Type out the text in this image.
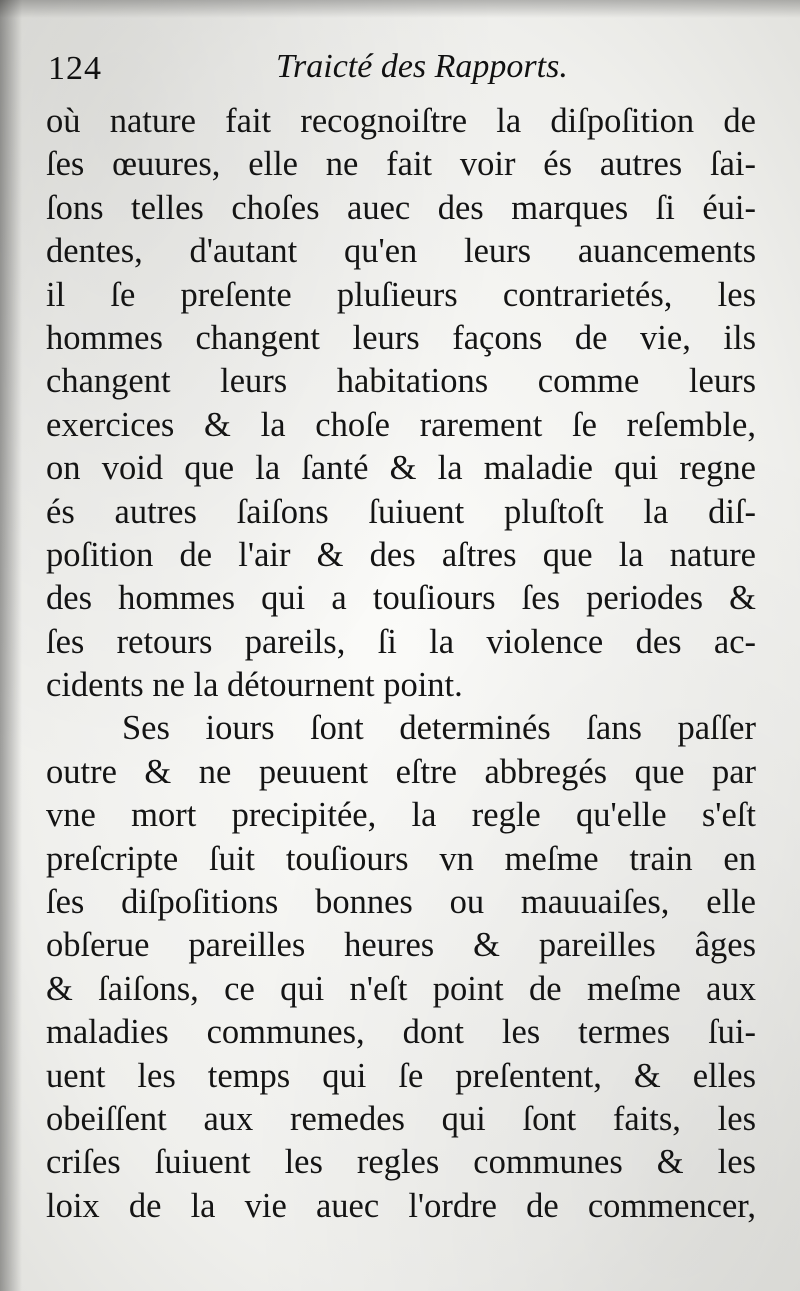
124	Traicté des Rapports.
où nature fait recognoiſtre la diſpoſition de
ſes œuures, elle ne fait voir és autres ſai-
ſons telles choſes auec des marques ſi éui-
dentes, d'autant qu'en leurs auancements
il ſe preſente pluſieurs contrarietés, les
hommes changent leurs façons de vie, ils
changent leurs habitations comme leurs
exercices & la choſe rarement ſe reſemble,
on void que la ſanté & la maladie qui regne
és autres ſaiſons ſuiuent pluſtoſt la diſ-
poſition de l'air & des aſtres que la nature
des hommes qui a touſiours ſes periodes &
ſes retours pareils, ſi la violence des ac-
cidents ne la détournent point.
Ses iours ſont determinés ſans paſſer
outre & ne peuuent eſtre abbregés que par
vne mort precipitée, la regle qu'elle s'eſt
preſcripte ſuit touſiours vn meſme train en
ſes diſpoſitions bonnes ou mauuaiſes, elle
obſerue pareilles heures & pareilles âges
& ſaiſons, ce qui n'eſt point de meſme aux
maladies communes, dont les termes ſui-
uent les temps qui ſe preſentent, & elles
obeiſſent aux remedes qui ſont faits, les
criſes ſuiuent les regles communes & les
loix de la vie auec l'ordre de commencer,
